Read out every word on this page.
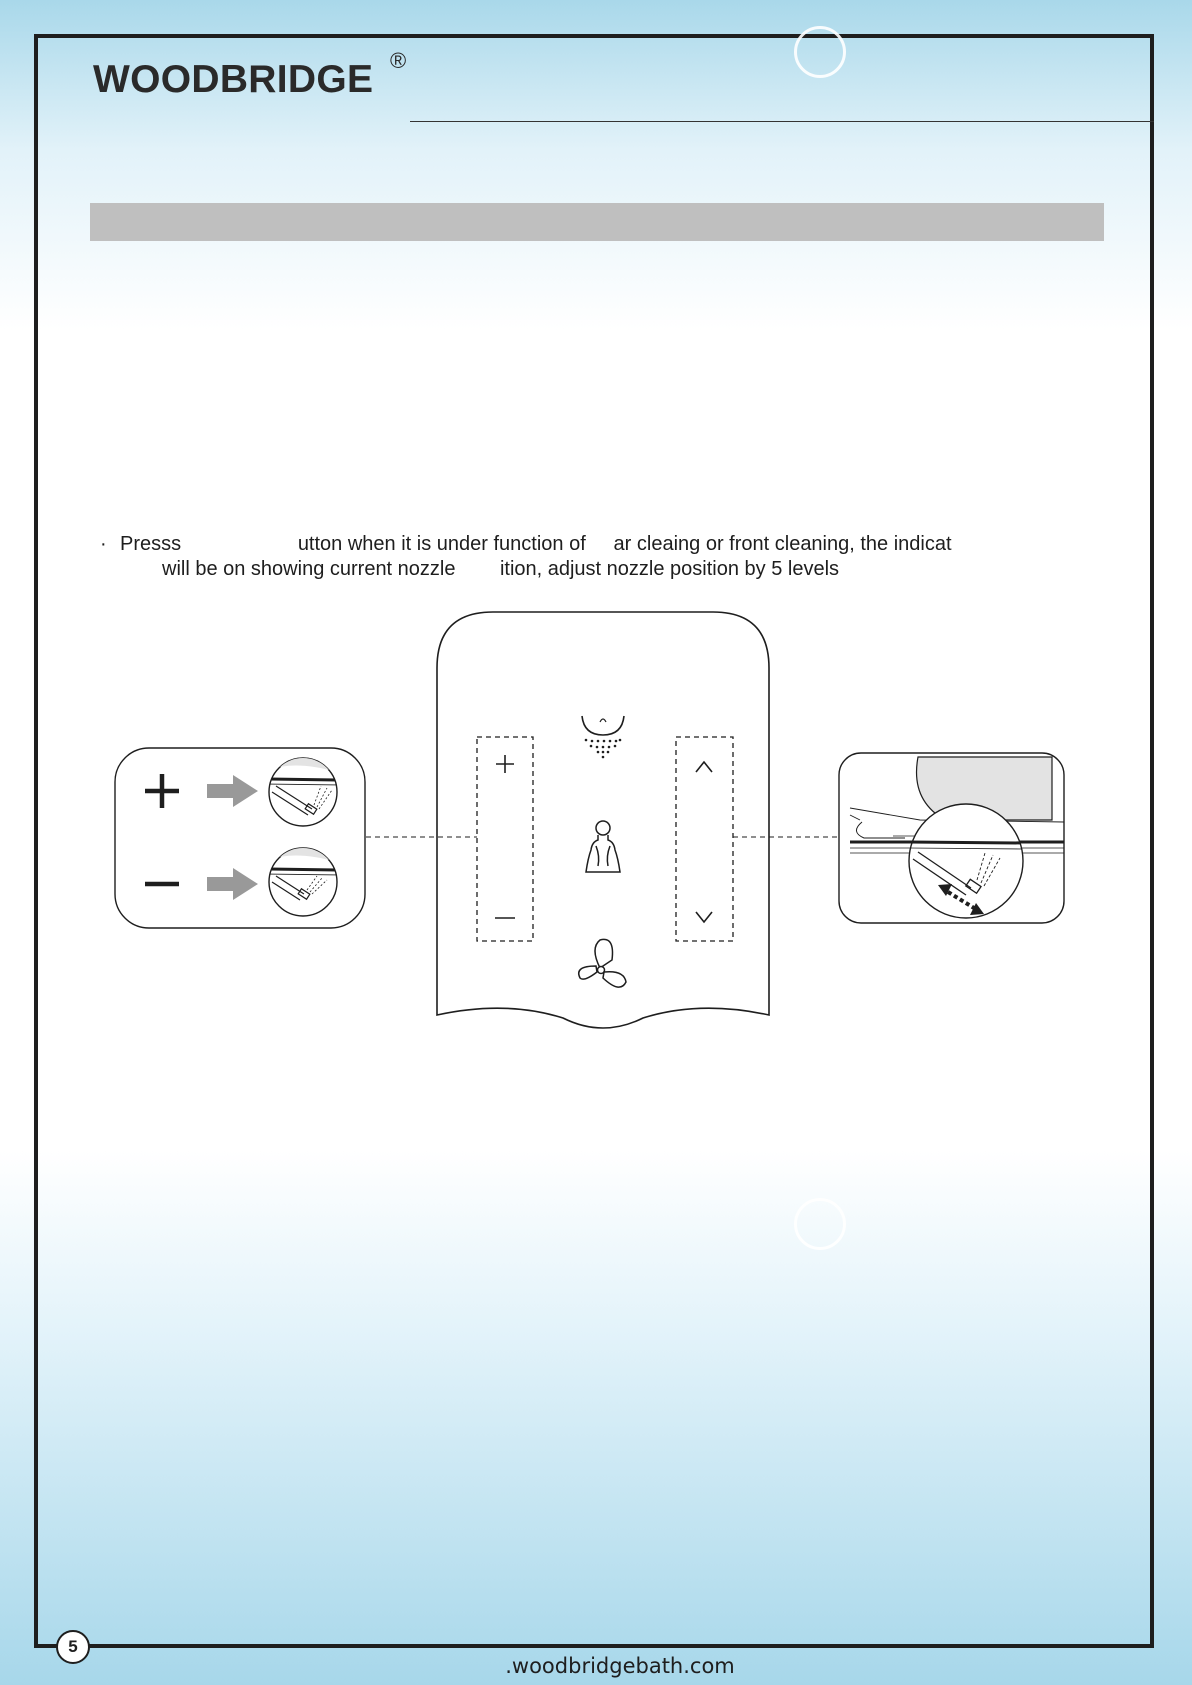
WOODBRIDGE ®
· Presss                     utton when it is under function of     ar cleaing or front cleaning, the indicat
will be on showing current nozzle        ition, adjust nozzle position by 5 levels
5
.woodbridgebath.com
